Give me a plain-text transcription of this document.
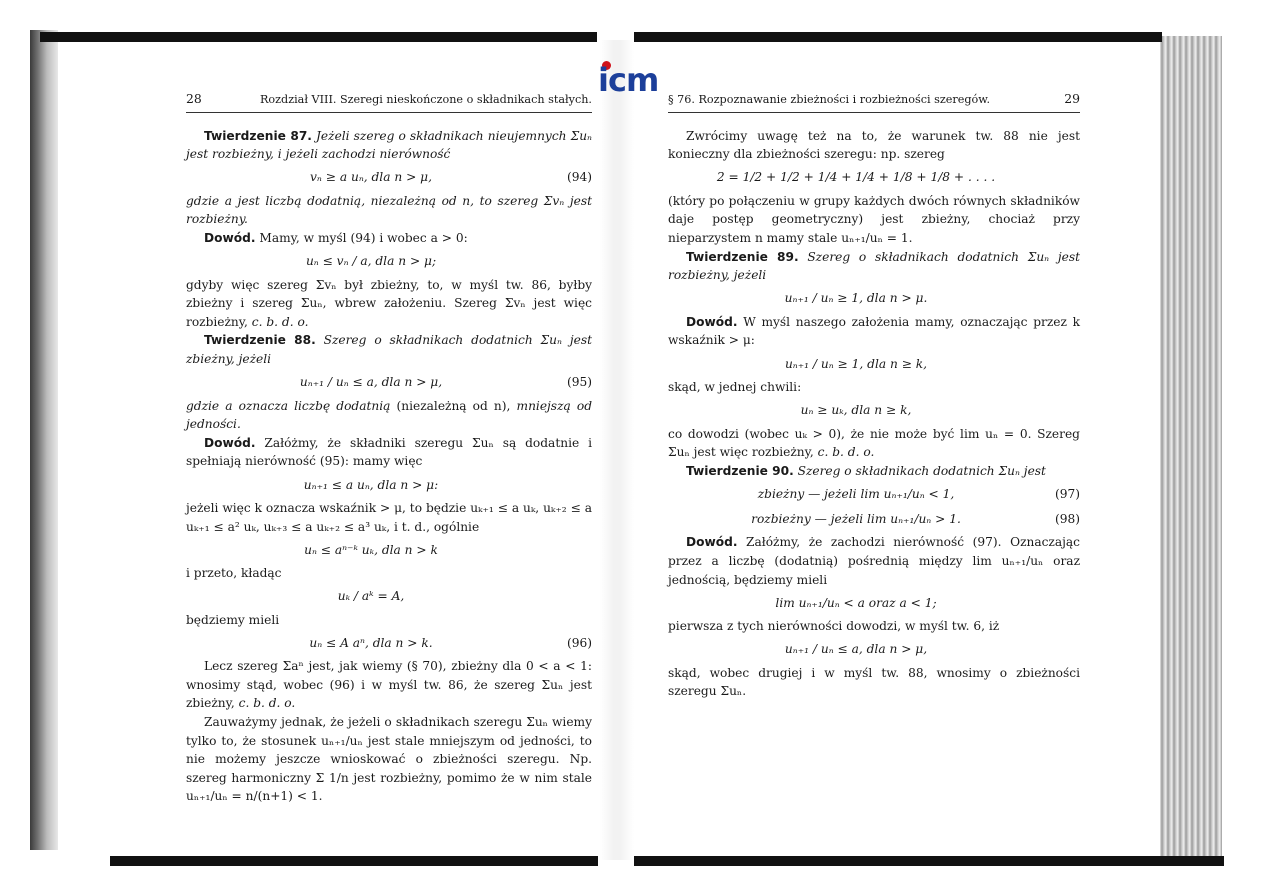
icm
28	Rozdział VIII. Szeregi nieskończone o składnikach stałych.

Twierdzenie 87. Jeżeli szereg o składnikach nieujemnych Σuₙ jest rozbieżny, i jeżeli zachodzi nierówność

vₙ ≥ a uₙ, dla n > μ,	(94)

gdzie a jest liczbą dodatnią, niezależną od n, to szereg Σvₙ jest rozbieżny.

Dowód. Mamy, w myśl (94) i wobec a > 0:

uₙ ≤ vₙ / a, dla n > μ;

gdyby więc szereg Σvₙ był zbieżny, to, w myśl tw. 86, byłby zbieżny i szereg Σuₙ, wbrew założeniu. Szereg Σvₙ jest więc rozbieżny, c. b. d. o.

Twierdzenie 88. Szereg o składnikach dodatnich Σuₙ jest zbieżny, jeżeli

uₙ₊₁ / uₙ ≤ a, dla n > μ,	(95)

gdzie a oznacza liczbę dodatnią (niezależną od n), mniejszą od jedności.

Dowód. Załóżmy, że składniki szeregu Σuₙ są dodatnie i spełniają nierówność (95): mamy więc

uₙ₊₁ ≤ a uₙ, dla n > μ:

jeżeli więc k oznacza wskaźnik > μ, to będzie uₖ₊₁ ≤ a uₖ, uₖ₊₂ ≤ a uₖ₊₁ ≤ a² uₖ, uₖ₊₃ ≤ a uₖ₊₂ ≤ a³ uₖ, i t. d., ogólnie

uₙ ≤ aⁿ⁻ᵏ uₖ, dla n > k

i przeto, kładąc

uₖ / aᵏ = A,

będziemy mieli

uₙ ≤ A aⁿ, dla n > k.	(96)

Lecz szereg Σaⁿ jest, jak wiemy (§ 70), zbieżny dla 0 < a < 1: wnosimy stąd, wobec (96) i w myśl tw. 86, że szereg Σuₙ jest zbieżny, c. b. d. o.

Zauważymy jednak, że jeżeli o składnikach szeregu Σuₙ wiemy tylko to, że stosunek uₙ₊₁/uₙ jest stale mniejszym od jedności, to nie możemy jeszcze wnioskować o zbieżności szeregu. Np. szereg harmoniczny Σ 1/n jest rozbieżny, pomimo że w nim stale uₙ₊₁/uₙ = n/(n+1) < 1.

§ 76. Rozpoznawanie zbieżności i rozbieżności szeregów.	29

Zwrócimy uwagę też na to, że warunek tw. 88 nie jest konieczny dla zbieżności szeregu: np. szereg

2 = 1/2 + 1/2 + 1/4 + 1/4 + 1/8 + 1/8 + . . . .

(który po połączeniu w grupy każdych dwóch równych składników daje postęp geometryczny) jest zbieżny, chociaż przy nieparzystem n mamy stale uₙ₊₁/uₙ = 1.

Twierdzenie 89. Szereg o składnikach dodatnich Σuₙ jest rozbieżny, jeżeli

uₙ₊₁ / uₙ ≥ 1, dla n > μ.

Dowód. W myśl naszego założenia mamy, oznaczając przez k wskaźnik > μ:

uₙ₊₁ / uₙ ≥ 1, dla n ≥ k,

skąd, w jednej chwili:

uₙ ≥ uₖ, dla n ≥ k,

co dowodzi (wobec uₖ > 0), że nie może być lim uₙ = 0. Szereg Σuₙ jest więc rozbieżny, c. b. d. o.

Twierdzenie 90. Szereg o składnikach dodatnich Σuₙ jest

zbieżny — jeżeli lim uₙ₊₁/uₙ < 1,	(97)
rozbieżny — jeżeli lim uₙ₊₁/uₙ > 1.	(98)

Dowód. Załóżmy, że zachodzi nierówność (97). Oznaczając przez a liczbę (dodatnią) pośrednią między lim uₙ₊₁/uₙ oraz jednością, będziemy mieli

lim uₙ₊₁/uₙ < a oraz a < 1;

pierwsza z tych nierówności dowodzi, w myśl tw. 6, iż

uₙ₊₁ / uₙ ≤ a, dla n > μ,

skąd, wobec drugiej i w myśl tw. 88, wnosimy o zbieżności szeregu Σuₙ.
